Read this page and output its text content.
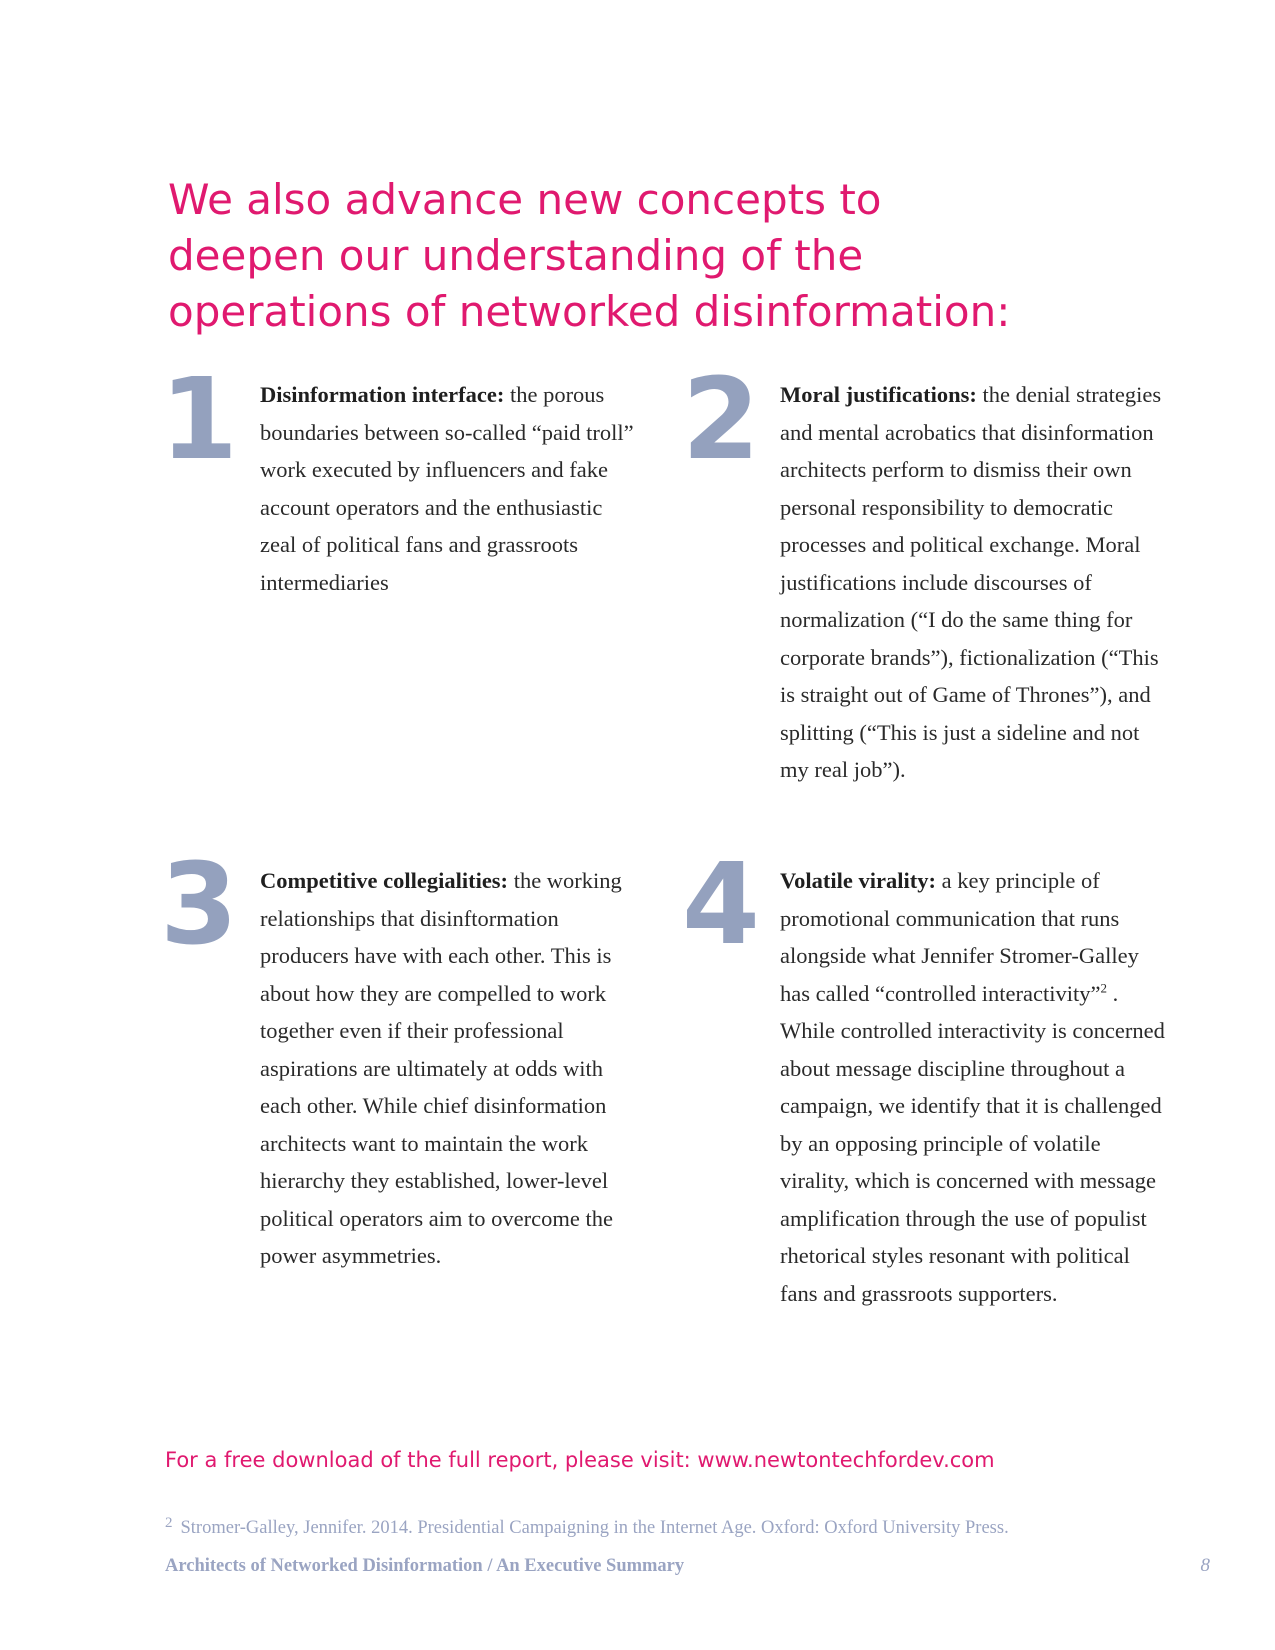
We also advance new concepts to
deepen our understanding of the
operations of networked disinformation:
1 Disinformation interface: the porous boundaries between so-called “paid troll” work executed by influencers and fake account operators and the enthusiastic zeal of political fans and grassroots intermediaries

2 Moral justifications: the denial strategies and mental acrobatics that disinformation architects perform to dismiss their own personal responsibility to democratic processes and political exchange. Moral justifications include discourses of normalization (“I do the same thing for corporate brands”), fictionalization (“This is straight out of Game of Thrones”), and splitting (“This is just a sideline and not my real job”).

3 Competitive collegialities: the working relationships that disinftormation producers have with each other. This is about how they are compelled to work together even if their professional aspirations are ultimately at odds with each other. While chief disinformation architects want to maintain the work hierarchy they established, lower-level political operators aim to overcome the power asymmetries.

4 Volatile virality: a key principle of promotional communication that runs alongside what Jennifer Stromer-Galley has called “controlled interactivity”$^2$ . While controlled interactivity is concerned about message discipline throughout a campaign, we identify that it is challenged by an opposing principle of volatile virality, which is concerned with message amplification through the use of populist rhetorical styles resonant with political fans and grassroots supporters.

For a free download of the full report, please visit: www.newtontechfordev.com
$^2$ Stromer-Galley, Jennifer. 2014. Presidential Campaigning in the Internet Age. Oxford: Oxford University Press.
Architects of Networked Disinformation / An Executive Summary	8
